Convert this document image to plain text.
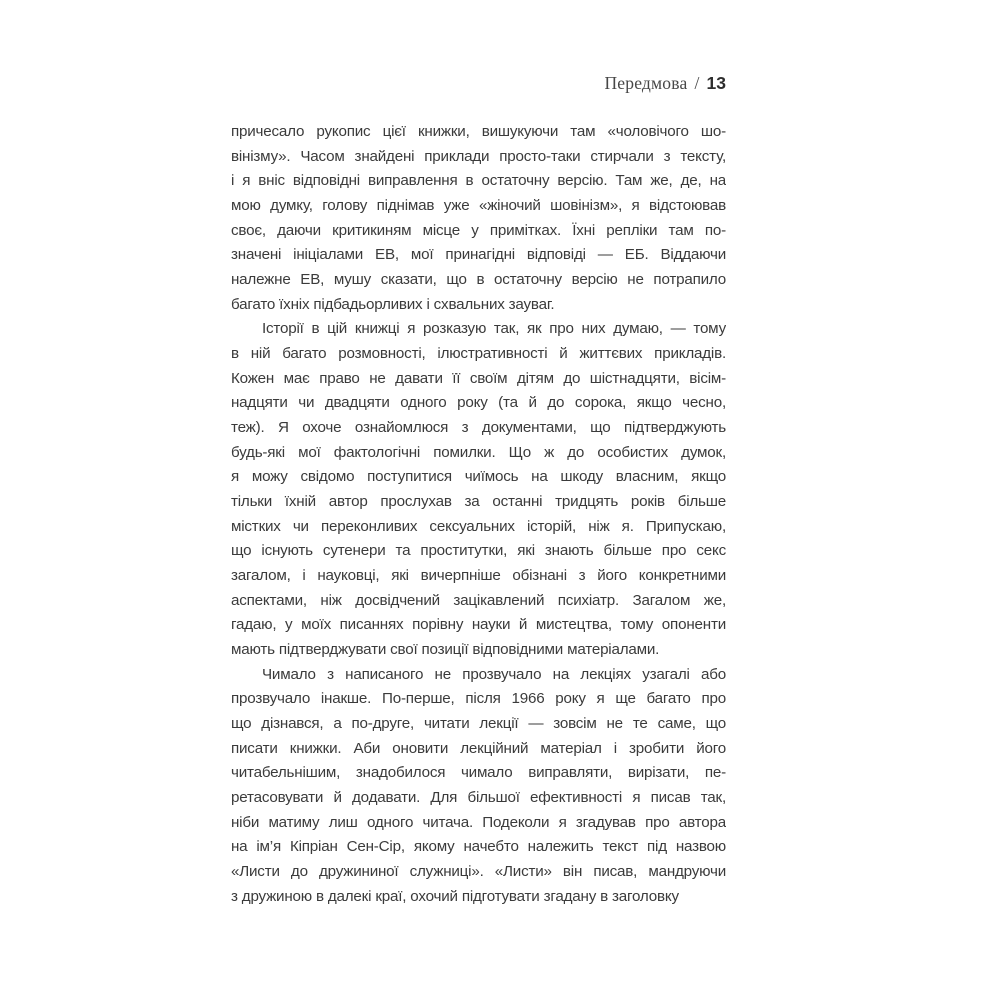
Передмова / 13
причесало рукопис цієї книжки, вишукуючи там «чоловічого шо-
вінізму». Часом знайдені приклади просто-таки стирчали з тексту,
і я вніс відповідні виправлення в остаточну версію. Там же, де, на
мою думку, голову піднімав уже «жіночий шовінізм», я відстоював
своє, даючи критикиням місце у примітках. Їхні репліки там по-
значені ініціалами ЕВ, мої принагідні відповіді — ЕБ. Віддаючи
належне ЕВ, мушу сказати, що в остаточну версію не потрапило
багато їхніх підбадьорливих і схвальних зауваг.
Історії в цій книжці я розказую так, як про них думаю, — тому
в ній багато розмовності, ілюстративності й життєвих прикладів.
Кожен має право не давати її своїм дітям до шістнадцяти, вісім-
надцяти чи двадцяти одного року (та й до сорока, якщо чесно,
теж). Я охоче ознайомлюся з документами, що підтверджують
будь-які мої фактологічні помилки. Що ж до особистих думок,
я можу свідомо поступитися чиїмось на шкоду власним, якщо
тільки їхній автор прослухав за останні тридцять років більше
містких чи переконливих сексуальних історій, ніж я. Припускаю,
що існують сутенери та проститутки, які знають більше про секс
загалом, і науковці, які вичерпніше обізнані з його конкретними
аспектами, ніж досвідчений зацікавлений психіатр. Загалом же,
гадаю, у моїх писаннях порівну науки й мистецтва, тому опоненти
мають підтверджувати свої позиції відповідними матеріалами.
Чимало з написаного не прозвучало на лекціях узагалі або
прозвучало інакше. По-перше, після 1966 року я ще багато про
що дізнався, а по-друге, читати лекції — зовсім не те саме, що
писати книжки. Аби оновити лекційний матеріал і зробити його
читабельнішим, знадобилося чимало виправляти, вирізати, пе-
ретасовувати й додавати. Для більшої ефективності я писав так,
ніби матиму лиш одного читача. Подеколи я згадував про автора
на ім’я Кіпріан Сен-Сір, якому начебто належить текст під назвою
«Листи до дружининої служниці». «Листи» він писав, мандруючи
з дружиною в далекі краї, охочий підготувати згадану в заголовку
